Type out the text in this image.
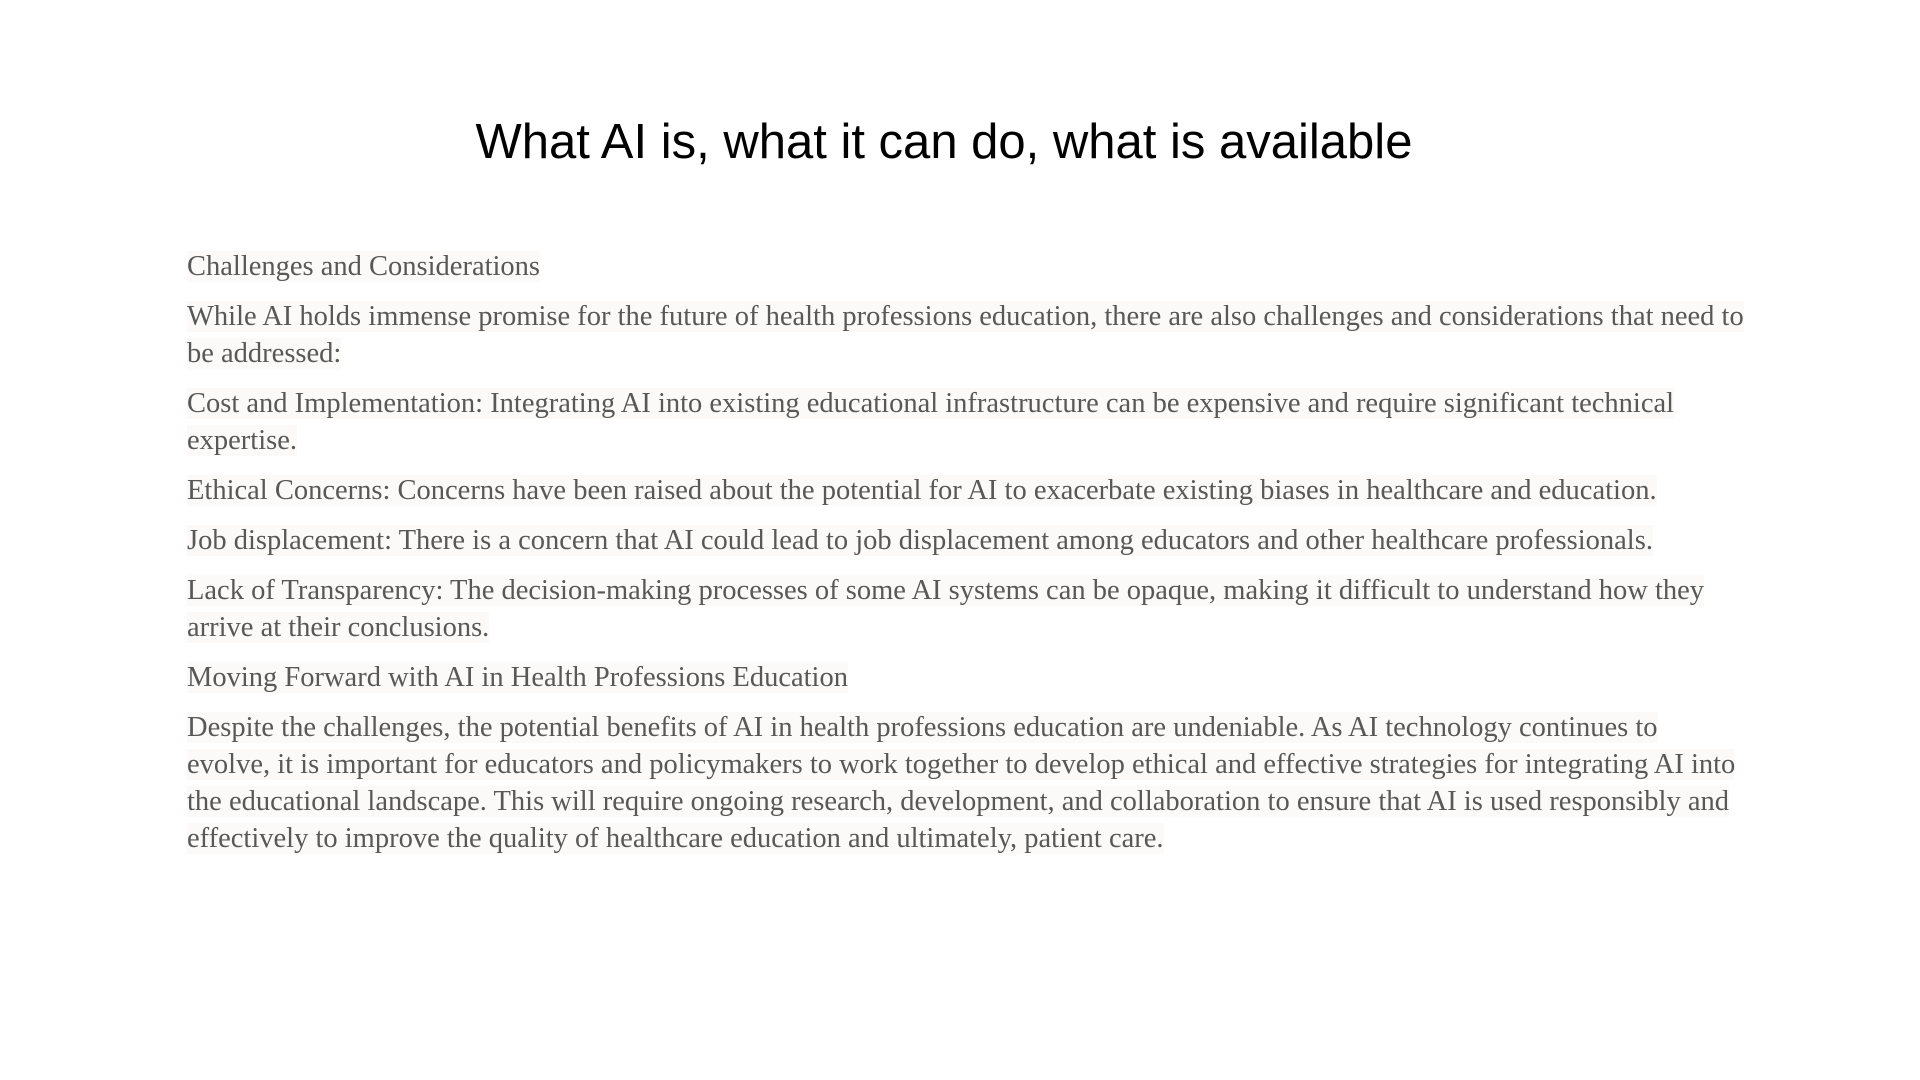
What AI is, what it can do, what is available

Challenges and Considerations

While AI holds immense promise for the future of health professions education, there are also challenges and considerations that need to be addressed:

Cost and Implementation: Integrating AI into existing educational infrastructure can be expensive and require significant technical expertise.

Ethical Concerns: Concerns have been raised about the potential for AI to exacerbate existing biases in healthcare and education.

Job displacement: There is a concern that AI could lead to job displacement among educators and other healthcare professionals.

Lack of Transparency: The decision-making processes of some AI systems can be opaque, making it difficult to understand how they arrive at their conclusions.

Moving Forward with AI in Health Professions Education

Despite the challenges, the potential benefits of AI in health professions education are undeniable. As AI technology continues to evolve, it is important for educators and policymakers to work together to develop ethical and effective strategies for integrating AI into the educational landscape. This will require ongoing research, development, and collaboration to ensure that AI is used responsibly and effectively to improve the quality of healthcare education and ultimately, patient care.
